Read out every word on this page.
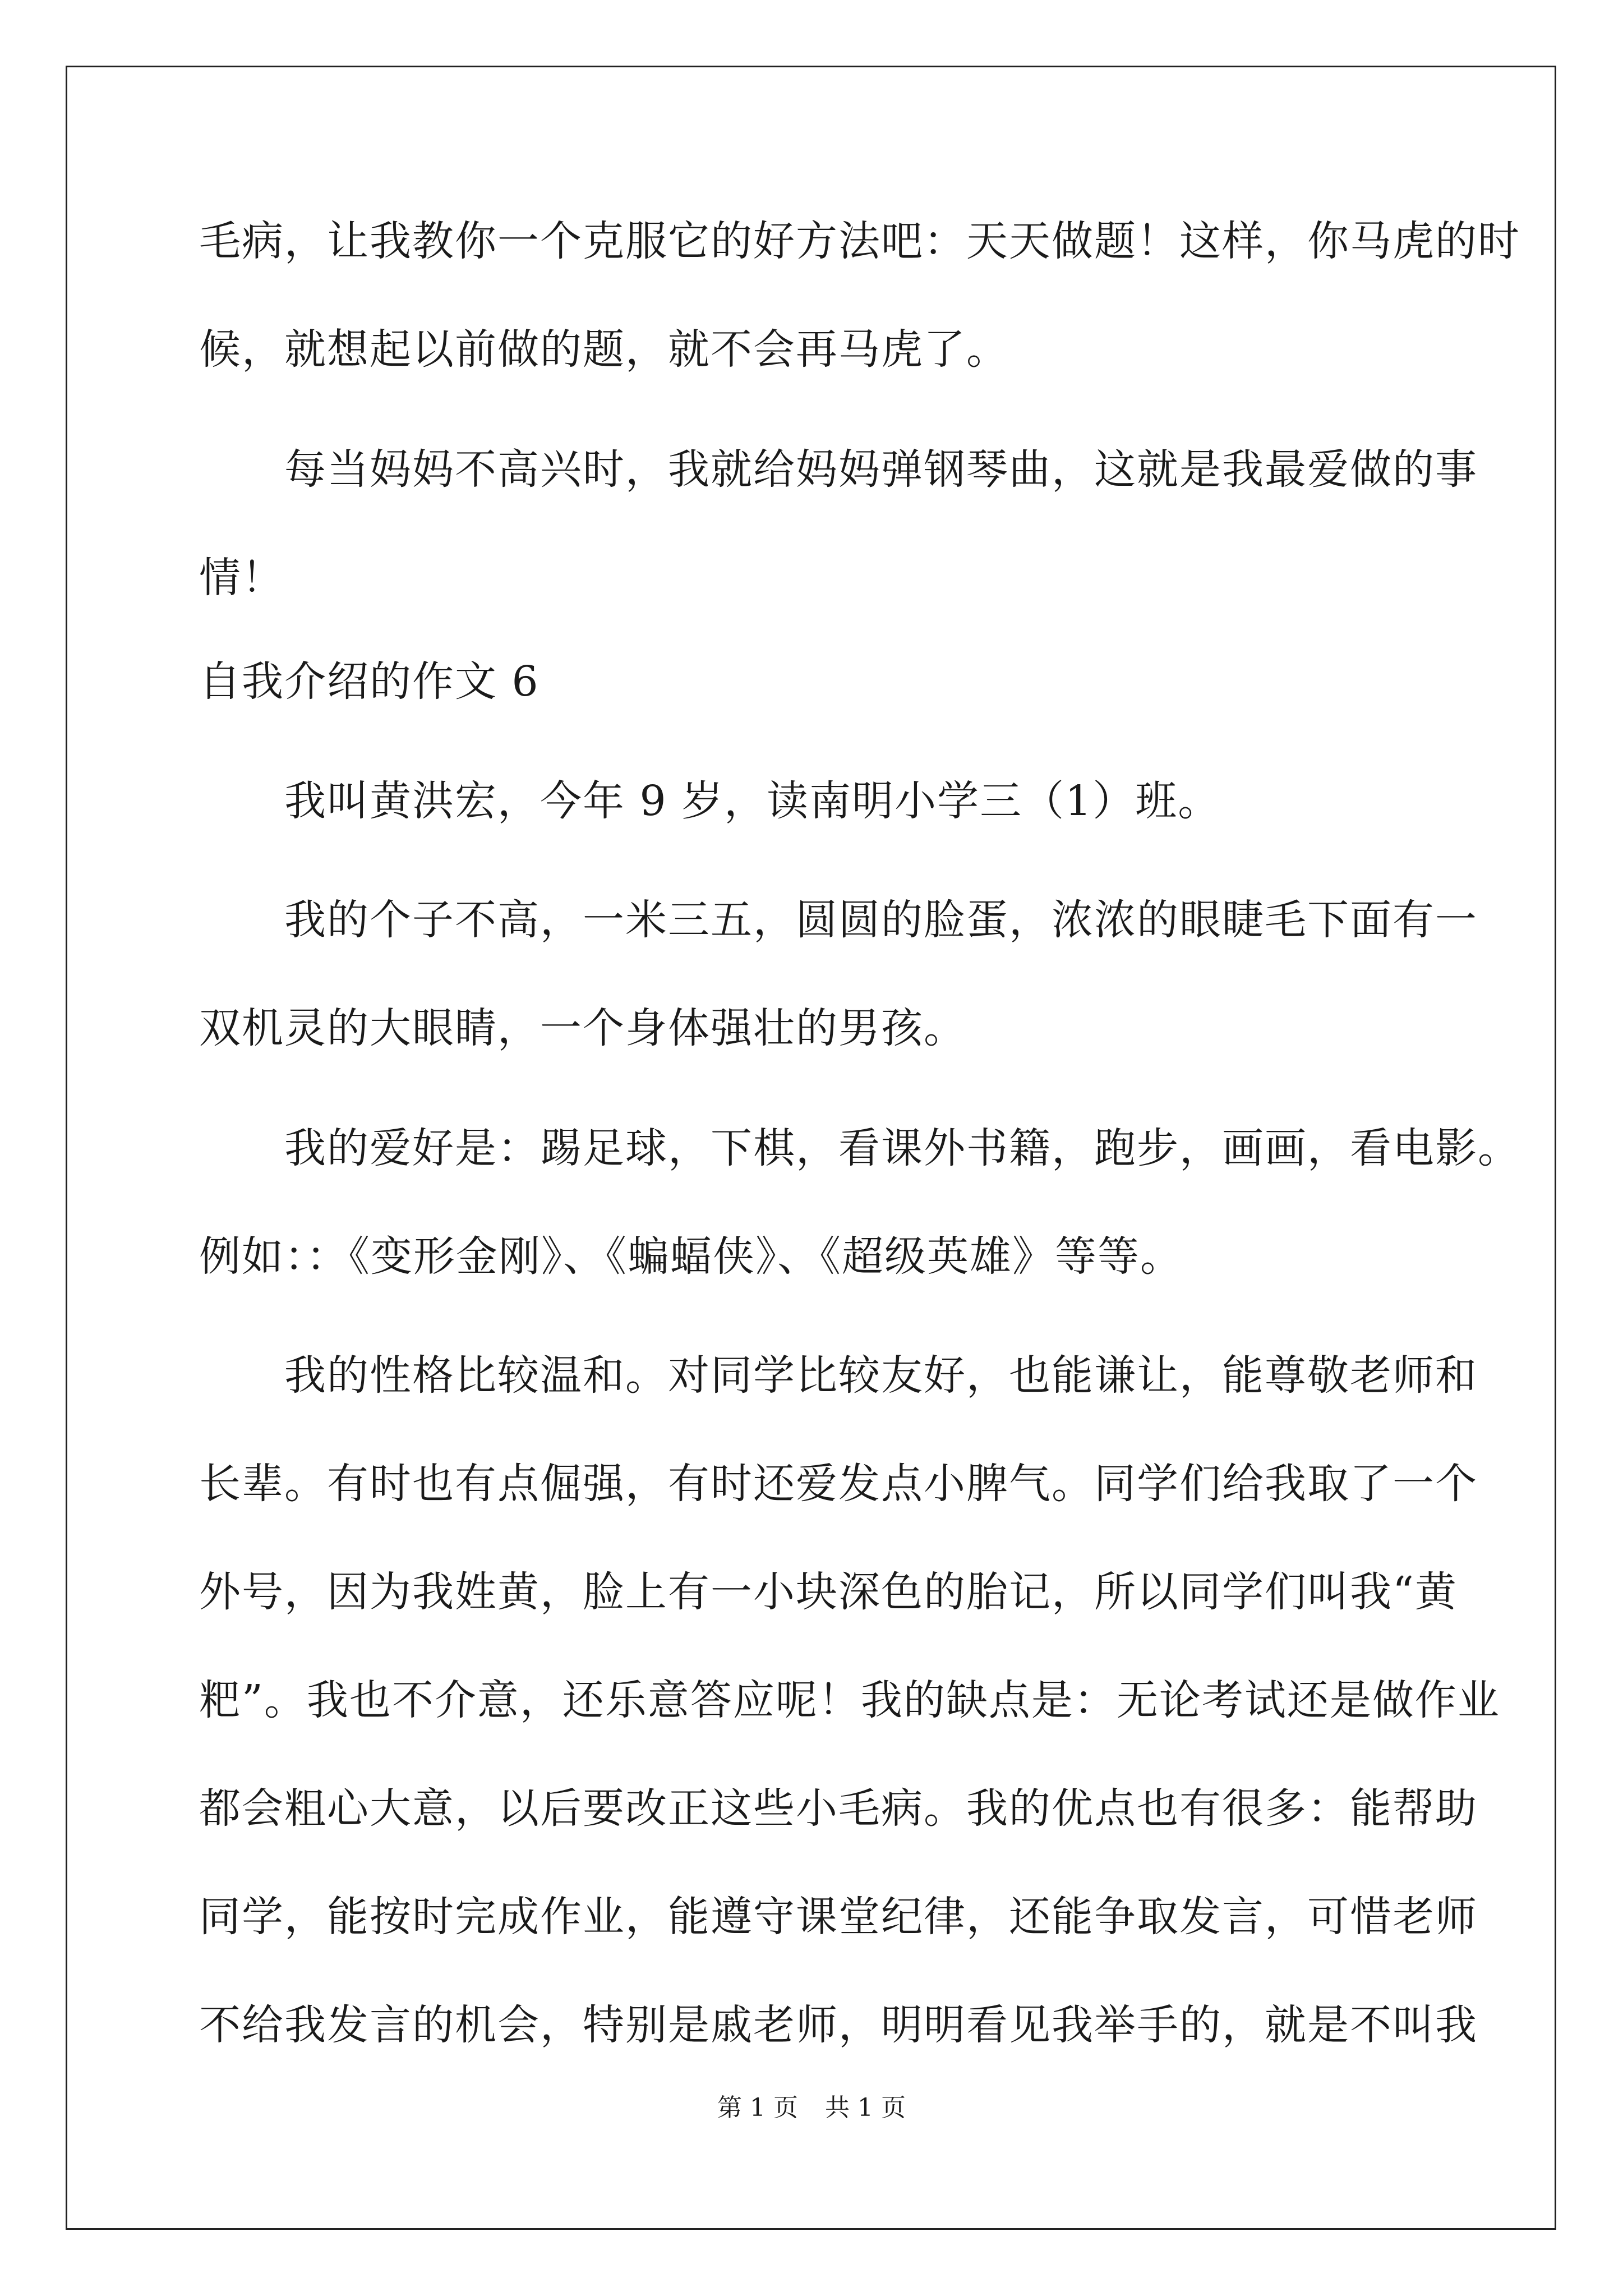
毛病，让我教你一个克服它的好方法吧：天天做题！这样，你马虎的时
候，就想起以前做的题，就不会再马虎了。
　　每当妈妈不高兴时，我就给妈妈弹钢琴曲，这就是我最爱做的事
情！
自我介绍的作文 6
　　我叫黄洪宏，今年 9 岁，读南明小学三（1）班。
　　我的个子不高，一米三五，圆圆的脸蛋，浓浓的眼睫毛下面有一
双机灵的大眼睛，一个身体强壮的男孩。
　　我的爱好是：踢足球，下棋，看课外书籍，跑步，画画，看电影。
例如：：《变形金刚》、《蝙蝠侠》、《超级英雄》等等。
　　我的性格比较温和。对同学比较友好，也能谦让，能尊敬老师和
长辈。有时也有点倔强，有时还爱发点小脾气。同学们给我取了一个
外号，因为我姓黄，脸上有一小块深色的胎记，所以同学们叫我“黄
粑”。我也不介意，还乐意答应呢！我的缺点是：无论考试还是做作业
都会粗心大意，以后要改正这些小毛病。我的优点也有很多：能帮助
同学，能按时完成作业，能遵守课堂纪律，还能争取发言，可惜老师
不给我发言的机会，特别是戚老师，明明看见我举手的，就是不叫我
第 1 页 共 1 页
